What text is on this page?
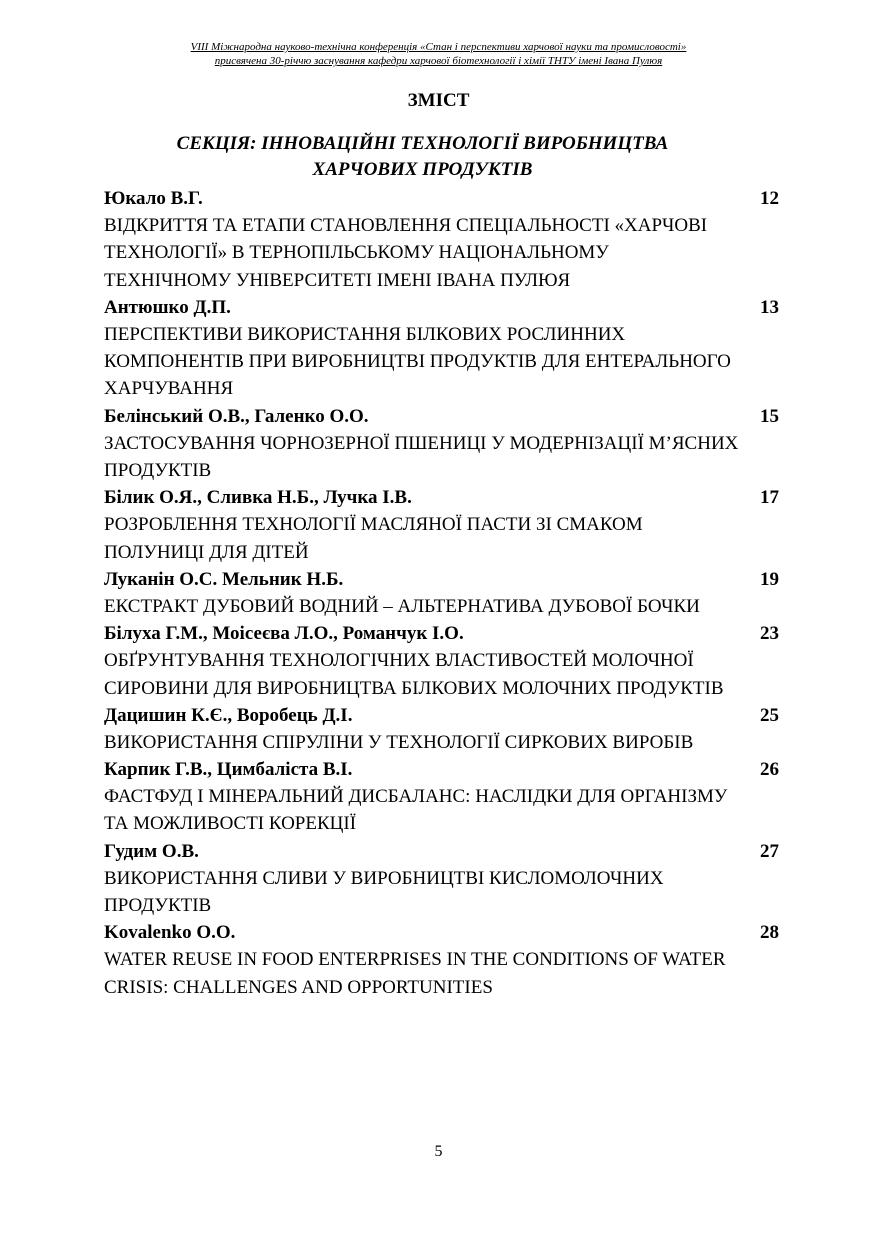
VIII Міжнародна науково-технічна конференція «Стан і перспективи харчової науки та промисловості»
присвячена 30-річчю заснування кафедри харчової біотехнології і хімії ТНТУ імені Івана Пулюя
ЗМІСТ
СЕКЦІЯ: ІННОВАЦІЙНІ ТЕХНОЛОГІЇ ВИРОБНИЦТВА
ХАРЧОВИХ ПРОДУКТІВ
Юкало В.Г.	12
ВІДКРИТТЯ ТА ЕТАПИ СТАНОВЛЕННЯ СПЕЦІАЛЬНОСТІ «ХАРЧОВІ ТЕХНОЛОГІЇ» В ТЕРНОПІЛЬСЬКОМУ НАЦІОНАЛЬНОМУ ТЕХНІЧНОМУ УНІВЕРСИТЕТІ ІМЕНІ ІВАНА ПУЛЮЯ
Антюшко Д.П.	13
ПЕРСПЕКТИВИ ВИКОРИСТАННЯ БІЛКОВИХ РОСЛИННИХ КОМПОНЕНТІВ ПРИ ВИРОБНИЦТВІ ПРОДУКТІВ ДЛЯ ЕНТЕРАЛЬНОГО ХАРЧУВАННЯ
Белінський О.В., Галенко О.О.	15
ЗАСТОСУВАННЯ ЧОРНОЗЕРНОЇ ПШЕНИЦІ У МОДЕРНІЗАЦІЇ М’ЯСНИХ ПРОДУКТІВ
Білик О.Я., Сливка Н.Б., Лучка І.В.	17
РОЗРОБЛЕННЯ ТЕХНОЛОГІЇ МАСЛЯНОЇ ПАСТИ ЗІ СМАКОМ ПОЛУНИЦІ ДЛЯ ДІТЕЙ
Луканін О.С. Мельник Н.Б.	19
ЕКСТРАКТ ДУБОВИЙ ВОДНИЙ – АЛЬТЕРНАТИВА ДУБОВОЇ БОЧКИ
Білуха Г.М., Моісеєва Л.О., Романчук І.О.	23
ОБҐРУНТУВАННЯ ТЕХНОЛОГІЧНИХ ВЛАСТИВОСТЕЙ МОЛОЧНОЇ СИРОВИНИ ДЛЯ ВИРОБНИЦТВА БІЛКОВИХ МОЛОЧНИХ ПРОДУКТІВ
Дацишин К.Є., Воробець Д.І.	25
ВИКОРИСТАННЯ СПІРУЛІНИ У ТЕХНОЛОГІЇ СИРКОВИХ ВИРОБІВ
Карпик Г.В., Цимбаліста В.І.	26
ФАСТФУД І МІНЕРАЛЬНИЙ ДИСБАЛАНС: НАСЛІДКИ ДЛЯ ОРГАНІЗМУ ТА МОЖЛИВОСТІ КОРЕКЦІЇ
Гудим О.В.	27
ВИКОРИСТАННЯ СЛИВИ У ВИРОБНИЦТВІ КИСЛОМОЛОЧНИХ ПРОДУКТІВ
Kovalenko O.O.	28
WATER REUSE IN FOOD ENTERPRISES IN THE CONDITIONS OF WATER CRISIS: CHALLENGES AND OPPORTUNITIES
5
